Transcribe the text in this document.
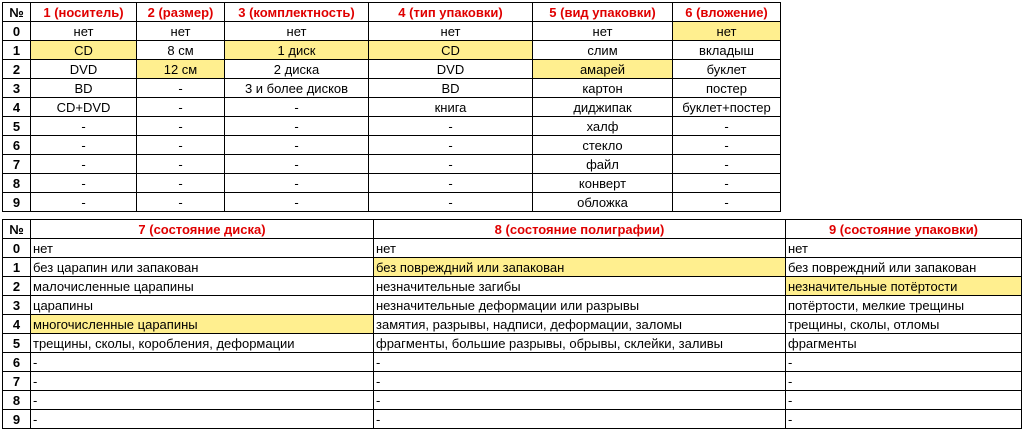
№	1 (носитель)	2 (размер)	3 (комплектность)	4 (тип упаковки)	5 (вид упаковки)	6 (вложение)
0	нет	нет	нет	нет	нет	нет
1	CD	8 см	1 диск	CD	слим	вкладыш
2	DVD	12 см	2 диска	DVD	амарей	буклет
3	BD	-	3 и более дисков	BD	картон	постер
4	CD+DVD	-	-	книга	диджипак	буклет+постер
5	-	-	-	-	халф	-
6	-	-	-	-	стекло	-
7	-	-	-	-	файл	-
8	-	-	-	-	конверт	-
9	-	-	-	-	обложка	-
№	7 (состояние диска)	8 (состояние полиграфии)	9 (состояние упаковки)
0	нет	нет	нет
1	без царапин или запакован	без повреждний или запакован	без повреждний или запакован
2	малочисленные царапины	незначительные загибы	незначительные потёртости
3	царапины	незначительные деформации или разрывы	потёртости, мелкие трещины
4	многочисленные царапины	замятия, разрывы, надписи, деформации, заломы	трещины, сколы, отломы
5	трещины, сколы, коробления, деформации	фрагменты, большие разрывы, обрывы, склейки, заливы	фрагменты
6	-	-	-
7	-	-	-
8	-	-	-
9	-	-	-
